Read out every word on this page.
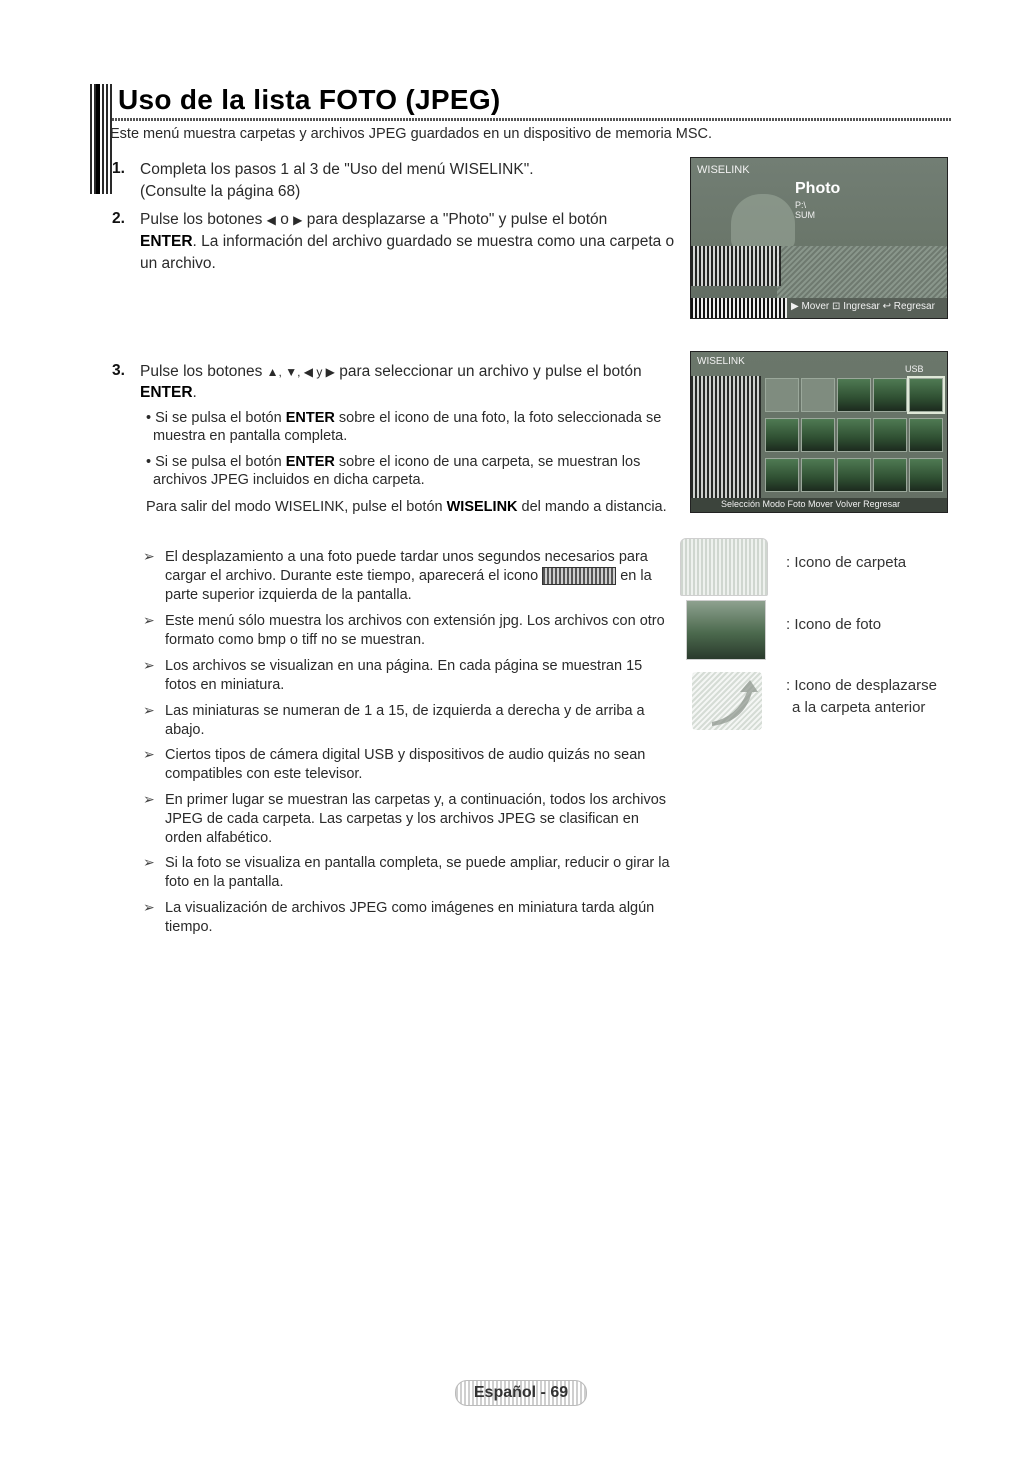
Uso de la lista FOTO (JPEG)
Este menú muestra carpetas y archivos JPEG guardados en un dispositivo de memoria MSC.
1. Completa los pasos 1 al 3 de "Uso del menú WISELINK".
(Consulte la página 68)
2. Pulse los botones ◀ o ▶ para desplazarse a "Photo" y pulse el botón
ENTER. La información del archivo guardado se muestra como una carpeta o
un archivo.
WISELINK
Photo
P:\
SUM
▶ Mover ⊡ Ingresar ↩ Regresar
3. Pulse los botones ▲, ▼, ◀ y ▶ para seleccionar un archivo y pulse el botón
ENTER.
• Si se pulsa el botón ENTER sobre el icono de una foto, la foto seleccionada se
muestra en pantalla completa.
• Si se pulsa el botón ENTER sobre el icono de una carpeta, se muestran los
archivos JPEG incluidos en dicha carpeta.
Para salir del modo WISELINK, pulse el botón WISELINK del mando a distancia.
WISELINK
USB
Selección Modo Foto Mover Volver Regresar
➢ El desplazamiento a una foto puede tardar unos segundos necesarios para
cargar el archivo. Durante este tiempo, aparecerá el icono	en la
parte superior izquierda de la pantalla.
➢ Este menú sólo muestra los archivos con extensión jpg. Los archivos con otro
formato como bmp o tiff no se muestran.
➢ Los archivos se visualizan en una página. En cada página se muestran 15
fotos en miniatura.
➢ Las miniaturas se numeran de 1 a 15, de izquierda a derecha y de arriba a
abajo.
➢ Ciertos tipos de cámera digital USB y dispositivos de audio quizás no sean
compatibles con este televisor.
➢ En primer lugar se muestran las carpetas y, a continuación, todos los archivos
JPEG de cada carpeta. Las carpetas y los archivos JPEG se clasifican en
orden alfabético.
➢ Si la foto se visualiza en pantalla completa, se puede ampliar, reducir o girar la
foto en la pantalla.
➢ La visualización de archivos JPEG como imágenes en miniatura tarda algún
tiempo.
: Icono de carpeta
: Icono de foto
: Icono de desplazarse
a la carpeta anterior
Español - 69
